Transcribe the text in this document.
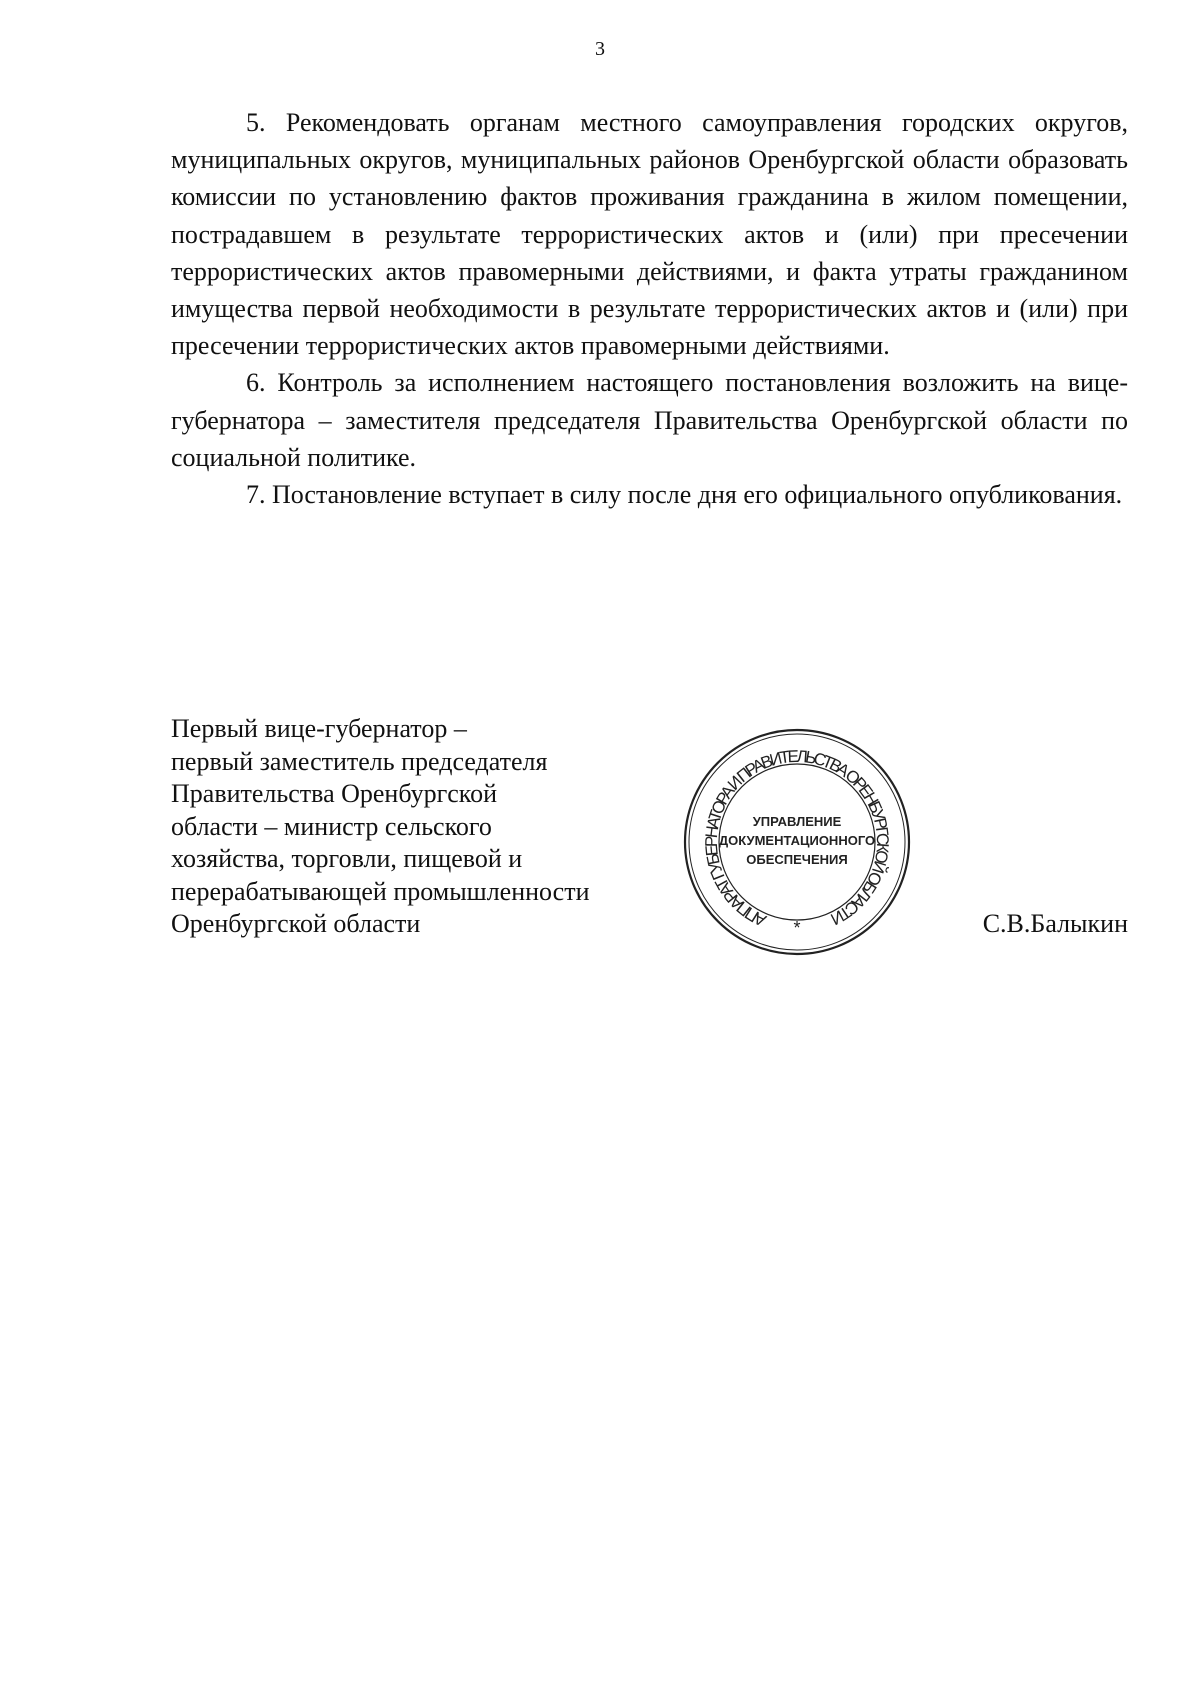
3

5. Рекомендовать органам местного самоуправления городских округов, муниципальных округов, муниципальных районов Оренбургской области образовать комиссии по установлению фактов проживания гражданина в жилом помещении, пострадавшем в результате террористических актов и (или) при пресечении террористических актов правомерными действиями, и факта утраты гражданином имущества первой необходимости в результате террористических актов и (или) при пресечении террористических актов правомерными действиями.

6. Контроль за исполнением настоящего постановления возложить на вице-губернатора – заместителя председателя Правительства Оренбургской области по социальной политике.

7. Постановление вступает в силу после дня его официального опубликования.

Первый вице-губернатор –
первый заместитель председателя
Правительства Оренбургской
области – министр сельского
хозяйства, торговли, пищевой и
перерабатывающей промышленности
Оренбургской области	АППАРАТ ГУБЕРНАТОРА И ПРАВИТЕЛЬСТВА ОРЕНБУРГСКОЙ ОБЛАСТИ
*
УПРАВЛЕНИЕ
ДОКУМЕНТАЦИОННОГО
ОБЕСПЕЧЕНИЯ
С.В.Балыкин
